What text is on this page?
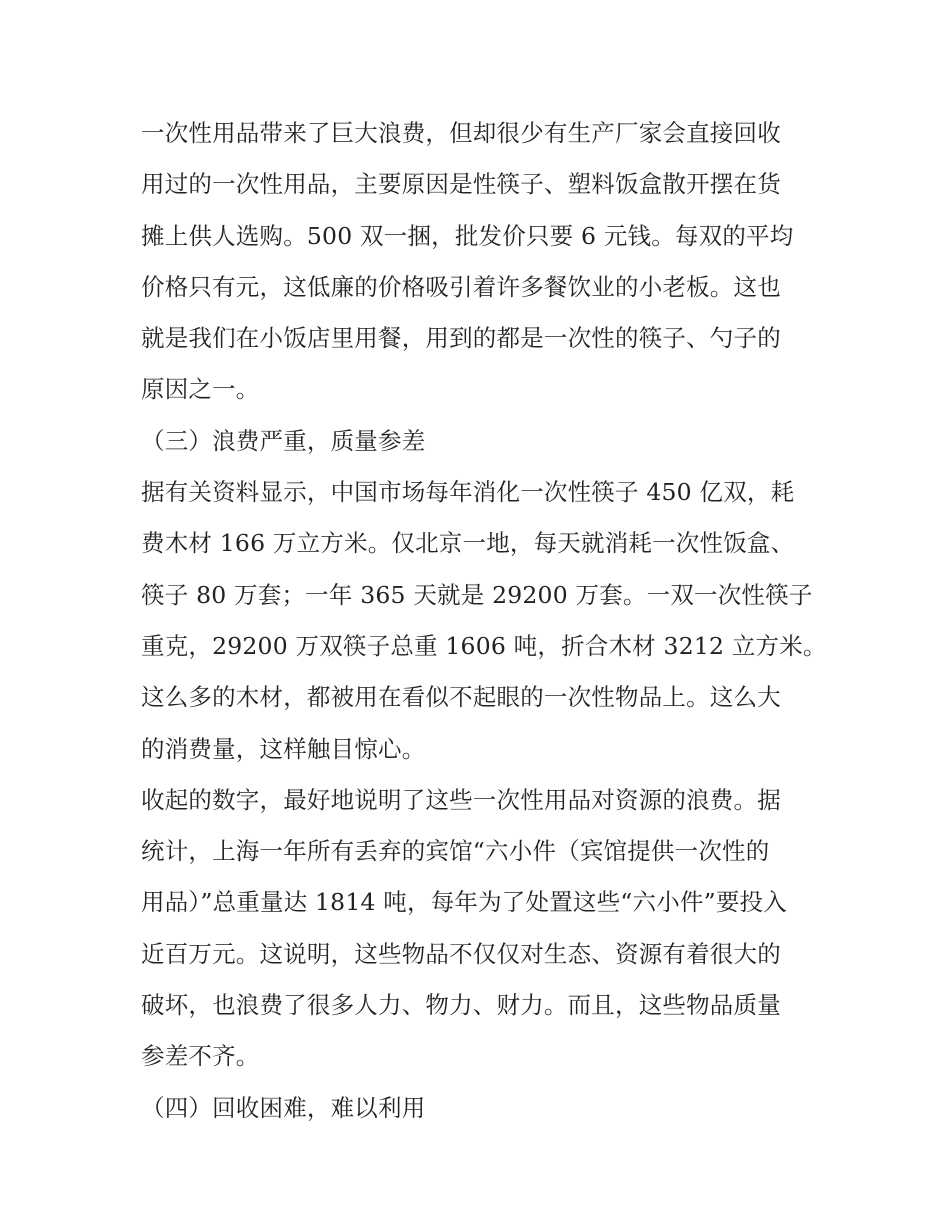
一次性用品带来了巨大浪费，但却很少有生产厂家会直接回收
用过的一次性用品，主要原因是性筷子、塑料饭盒散开摆在货
摊上供人选购。500 双一捆，批发价只要 6 元钱。每双的平均
价格只有元，这低廉的价格吸引着许多餐饮业的小老板。这也
就是我们在小饭店里用餐，用到的都是一次性的筷子、勺子的
原因之一。
（三）浪费严重，质量参差
据有关资料显示，中国市场每年消化一次性筷子 450 亿双，耗
费木材 166 万立方米。仅北京一地，每天就消耗一次性饭盒、
筷子 80 万套；一年 365 天就是 29200 万套。一双一次性筷子
重克，29200 万双筷子总重 1606 吨，折合木材 3212 立方米。
这么多的木材，都被用在看似不起眼的一次性物品上。这么大
的消费量，这样触目惊心。
收起的数字，最好地说明了这些一次性用品对资源的浪费。据
统计，上海一年所有丢弃的宾馆“六小件（宾馆提供一次性的
用品）”总重量达 1814 吨，每年为了处置这些“六小件”要投入
近百万元。这说明，这些物品不仅仅对生态、资源有着很大的
破坏，也浪费了很多人力、物力、财力。而且，这些物品质量
参差不齐。
（四）回收困难，难以利用
